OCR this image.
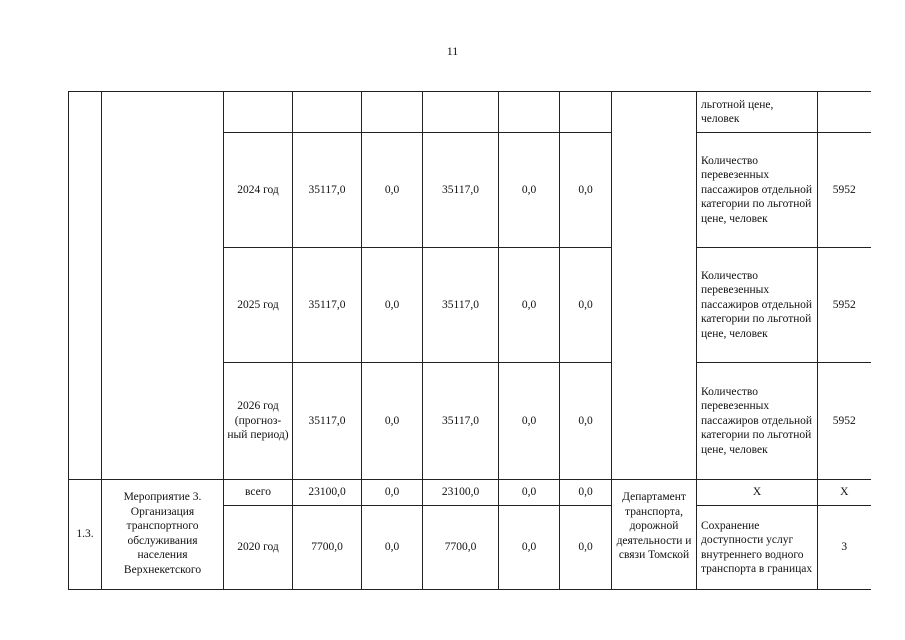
11
									льготной цене, человек	
		2024 год	35117,0	0,0	35117,0	0,0	0,0		Количество перевезенных пассажиров отдельной категории по льготной цене, человек	5952
		2025 год	35117,0	0,0	35117,0	0,0	0,0		Количество перевезенных пассажиров отдельной категории по льготной цене, человек	5952
		2026 год (прогноз-ный период)	35117,0	0,0	35117,0	0,0	0,0		Количество перевезенных пассажиров отдельной категории по льготной цене, человек	5952
1.3.	Мероприятие 3. Организация транспортного обслуживания населения Верхнекетского	всего	23100,0	0,0	23100,0	0,0	0,0	Департамент транспорта, дорожной деятельности и связи Томской	Х	Х
		2020 год	7700,0	0,0	7700,0	0,0	0,0		Сохранение доступности услуг внутреннего водного транспорта в границах	3
